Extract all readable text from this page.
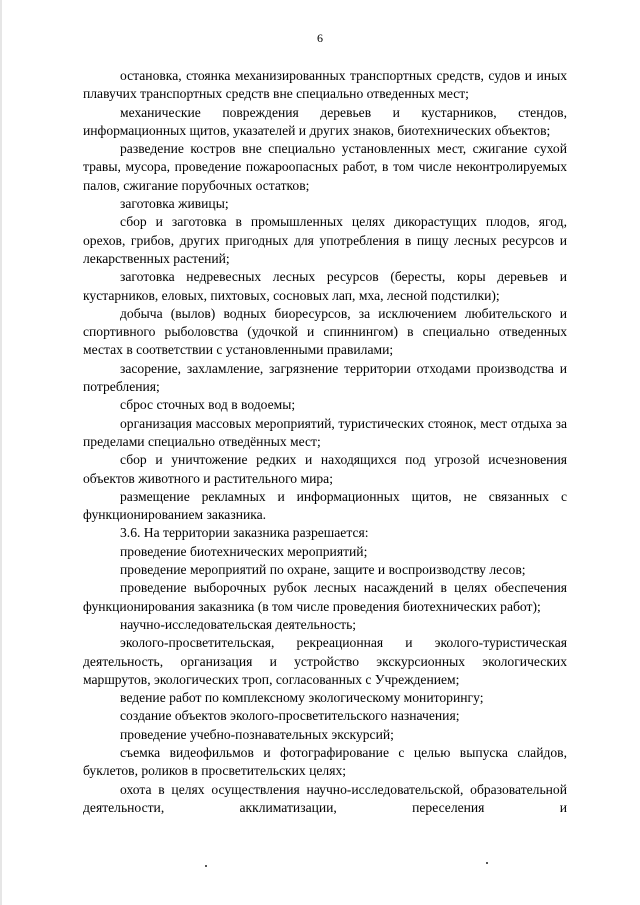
6

остановка, стоянка механизированных транспортных средств, судов и иных плавучих транспортных средств вне специально отведенных мест;

механические повреждения деревьев и кустарников, стендов, информационных щитов, указателей и других знаков, биотехнических объектов;

разведение костров вне специально установленных мест, сжигание сухой травы, мусора, проведение пожароопасных работ, в том числе неконтролируемых палов, сжигание порубочных остатков;

заготовка живицы;

сбор и заготовка в промышленных целях дикорастущих плодов, ягод, орехов, грибов, других пригодных для употребления в пищу лесных ресурсов и лекарственных растений;

заготовка недревесных лесных ресурсов (бересты, коры деревьев и кустарников, еловых, пихтовых, сосновых лап, мха, лесной подстилки);

добыча (вылов) водных биоресурсов, за исключением любительского и спортивного рыболовства (удочкой и спиннингом) в специально отведенных местах в соответствии с установленными правилами;

засорение, захламление, загрязнение территории отходами производства и потребления;

сброс сточных вод в водоемы;

организация массовых мероприятий, туристических стоянок, мест отдыха за пределами специально отведённых мест;

сбор и уничтожение редких и находящихся под угрозой исчезновения объектов животного и растительного мира;

размещение рекламных и информационных щитов, не связанных с функционированием заказника.

3.6. На территории заказника разрешается:

проведение биотехнических мероприятий;

проведение мероприятий по охране, защите и воспроизводству лесов;

проведение выборочных рубок лесных насаждений в целях обеспечения функционирования заказника (в том числе проведения биотехнических работ);

научно-исследовательская деятельность;

эколого-просветительская, рекреационная и эколого-туристическая деятельность, организация и устройство экскурсионных экологических маршрутов, экологических троп, согласованных с Учреждением;

ведение работ по комплексному экологическому мониторингу;

создание объектов эколого-просветительского назначения;

проведение учебно-познавательных экскурсий;

съемка видеофильмов и фотографирование с целью выпуска слайдов, буклетов, роликов в просветительских целях;

охота в целях осуществления научно-исследовательской, образовательной деятельности, акклиматизации, переселения и
